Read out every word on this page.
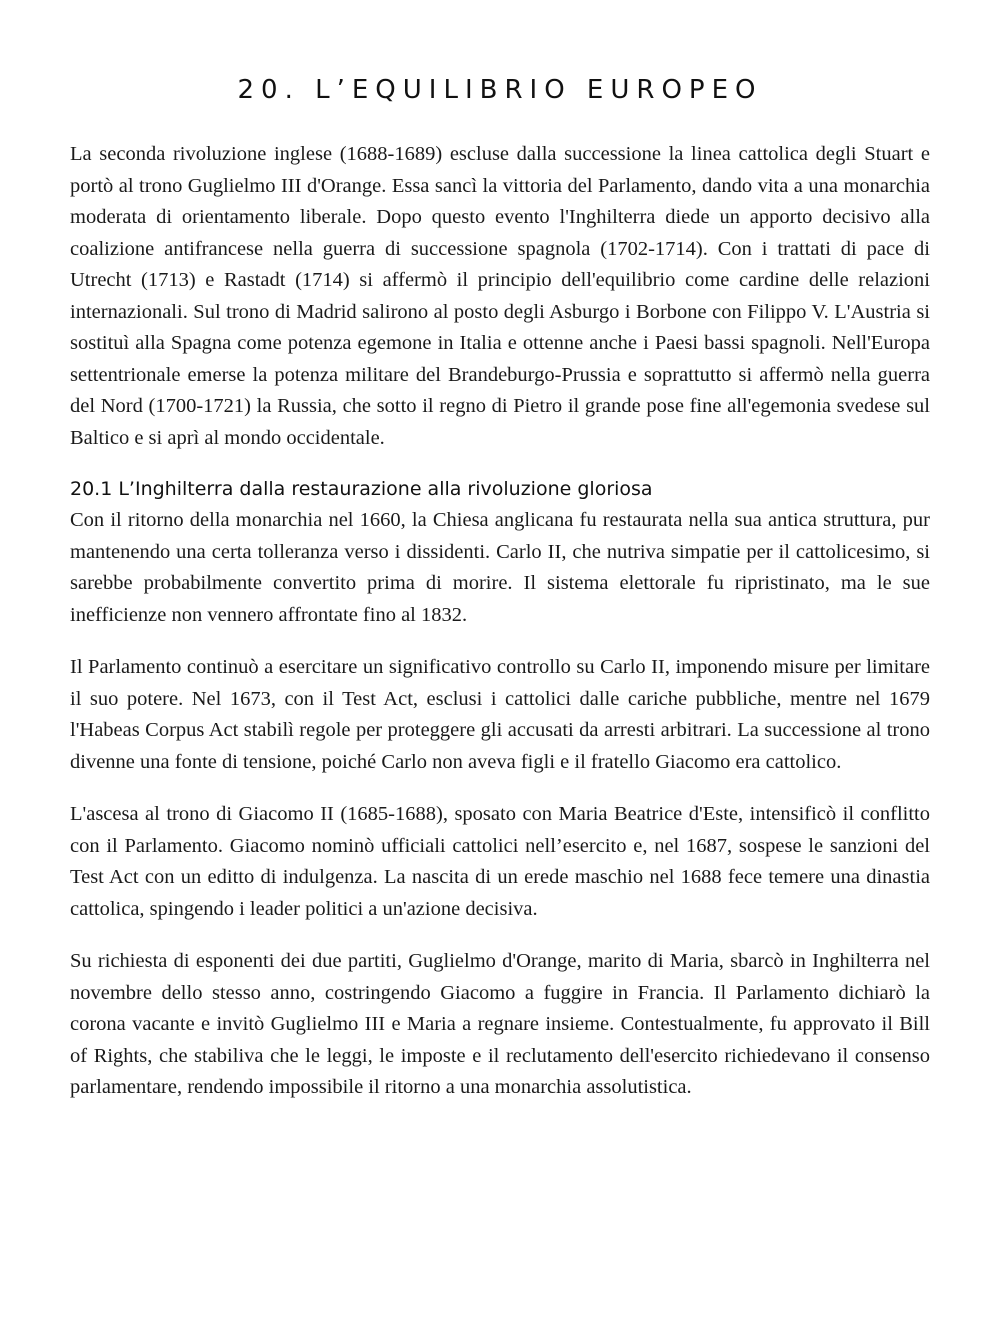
20. L’EQUILIBRIO EUROPEO

La seconda rivoluzione inglese (1688-1689) escluse dalla successione la linea cattolica degli Stuart e portò al trono Guglielmo III d'Orange. Essa sancì la vittoria del Parlamento, dando vita a una monarchia moderata di orientamento liberale. Dopo questo evento l'Inghilterra diede un apporto decisivo alla coalizione antifrancese nella guerra di successione spagnola (1702-1714). Con i trattati di pace di Utrecht (1713) e Rastadt (1714) si affermò il principio dell'equilibrio come cardine delle relazioni internazionali. Sul trono di Madrid salirono al posto degli Asburgo i Borbone con Filippo V. L'Austria si sostituì alla Spagna come potenza egemone in Italia e ottenne anche i Paesi bassi spagnoli. Nell'Europa settentrionale emerse la potenza militare del Brandeburgo-Prussia e soprattutto si affermò nella guerra del Nord (1700-1721) la Russia, che sotto il regno di Pietro il grande pose fine all'egemonia svedese sul Baltico e si aprì al mondo occidentale.

20.1 L’Inghilterra dalla restaurazione alla rivoluzione gloriosa

Con il ritorno della monarchia nel 1660, la Chiesa anglicana fu restaurata nella sua antica struttura, pur mantenendo una certa tolleranza verso i dissidenti. Carlo II, che nutriva simpatie per il cattolicesimo, si sarebbe probabilmente convertito prima di morire. Il sistema elettorale fu ripristinato, ma le sue inefficienze non vennero affrontate fino al 1832.

Il Parlamento continuò a esercitare un significativo controllo su Carlo II, imponendo misure per limitare il suo potere. Nel 1673, con il Test Act, esclusi i cattolici dalle cariche pubbliche, mentre nel 1679 l'Habeas Corpus Act stabilì regole per proteggere gli accusati da arresti arbitrari. La successione al trono divenne una fonte di tensione, poiché Carlo non aveva figli e il fratello Giacomo era cattolico.

L'ascesa al trono di Giacomo II (1685-1688), sposato con Maria Beatrice d'Este, intensificò il conflitto con il Parlamento. Giacomo nominò ufficiali cattolici nell’esercito e, nel 1687, sospese le sanzioni del Test Act con un editto di indulgenza. La nascita di un erede maschio nel 1688 fece temere una dinastia cattolica, spingendo i leader politici a un'azione decisiva.

Su richiesta di esponenti dei due partiti, Guglielmo d'Orange, marito di Maria, sbarcò in Inghilterra nel novembre dello stesso anno, costringendo Giacomo a fuggire in Francia. Il Parlamento dichiarò la corona vacante e invitò Guglielmo III e Maria a regnare insieme. Contestualmente, fu approvato il Bill of Rights, che stabiliva che le leggi, le imposte e il reclutamento dell'esercito richiedevano il consenso parlamentare, rendendo impossibile il ritorno a una monarchia assolutistica.
